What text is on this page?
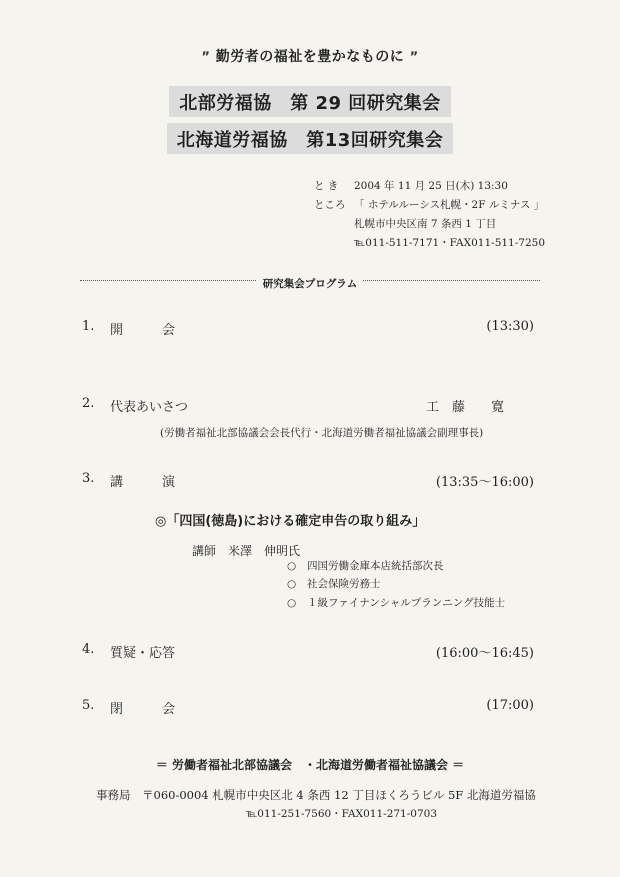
ˮ 勤労者の福祉を豊かなものに ˮ
北部労福協　第 29 回研究集会
北海道労福協　第13回研究集会
と き	2004 年 11 月 25 日(木) 13:30
ところ 「 ホテルルーシス札幌・2F ルミナス 」
札幌市中央区南 7 条西 1 丁目
℡011-511-7171・FAX011-511-7250
研究集会プログラム
1. 開　　　会	(13:30)
2. 代表あいさつ	工　藤　　寛
(労働者福祉北部協議会会長代行・北海道労働者福祉協議会副理事長)
3. 講　　　演	(13:35～16:00)
◎「四国(徳島)における確定申告の取り組み」
講師　米澤　伸明氏
○ 四国労働金庫本店統括部次長
○ 社会保険労務士
○ １級ファイナンシャルプランニング技能士
4. 質疑・応答	(16:00～16:45)
5. 閉　　　会	(17:00)
＝ 労働者福祉北部協議会　・北海道労働者福祉協議会 ＝
事務局　〒060-0004 札幌市中央区北 4 条西 12 丁目ほくろうビル 5F 北海道労福協
℡011-251-7560・FAX011-271-0703
